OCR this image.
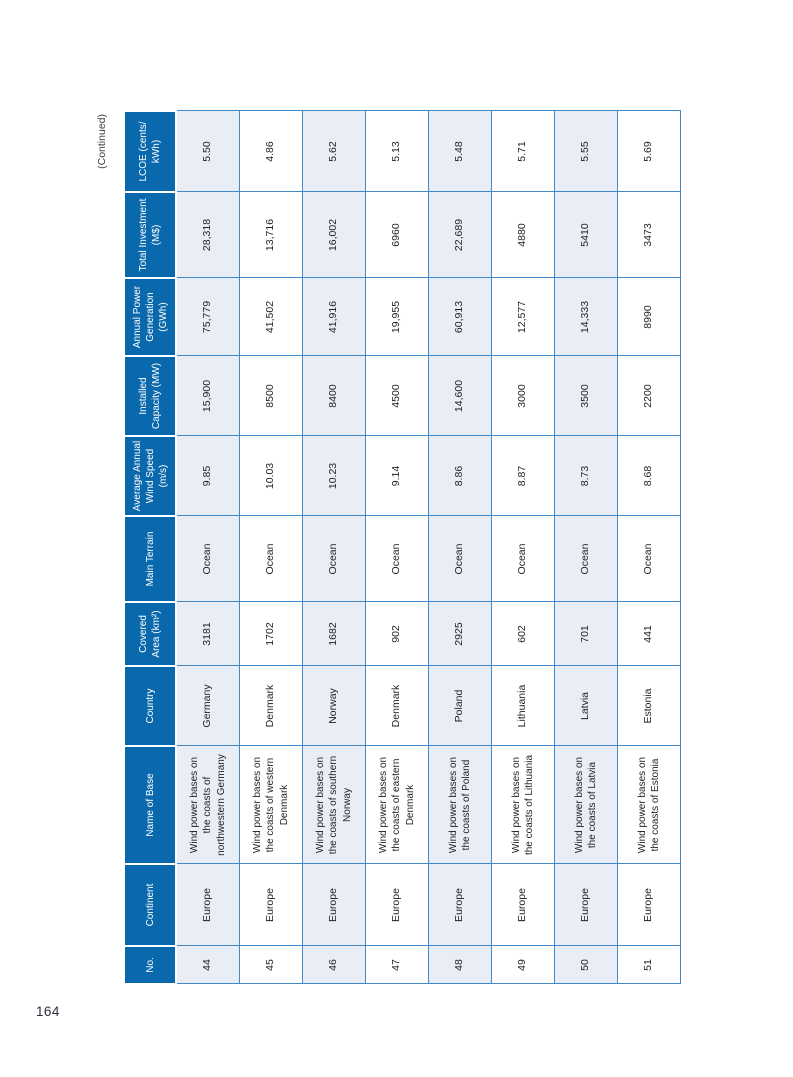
(Continued)
No.	Continent	Name of Base	Country	Covered Area (km²)	Main Terrain	Average Annual Wind Speed (m/s)	Installed Capacity (MW)	Annual Power Generation (GWh)	Total Investment (M$)	LCOE (cents/ kWh)
44	Europe	Wind power bases on the coasts of northwestern Germany	Germany	3181	Ocean	9.85	15,900	75,779	28,318	5.50
45	Europe	Wind power bases on the coasts of western Denmark	Denmark	1702	Ocean	10.03	8500	41,502	13,716	4.86
46	Europe	Wind power bases on the coasts of southern Norway	Norway	1682	Ocean	10.23	8400	41,916	16,002	5.62
47	Europe	Wind power bases on the coasts of eastern Denmark	Denmark	902	Ocean	9.14	4500	19,955	6960	5.13
48	Europe	Wind power bases on the coasts of Poland	Poland	2925	Ocean	8.86	14,600	60,913	22,689	5.48
49	Europe	Wind power bases on the coasts of Lithuania	Lithuania	602	Ocean	8.87	3000	12,577	4880	5.71
50	Europe	Wind power bases on the coasts of Latvia	Latvia	701	Ocean	8.73	3500	14,333	5410	5.55
51	Europe	Wind power bases on the coasts of Estonia	Estonia	441	Ocean	8.68	2200	8990	3473	5.69
164
